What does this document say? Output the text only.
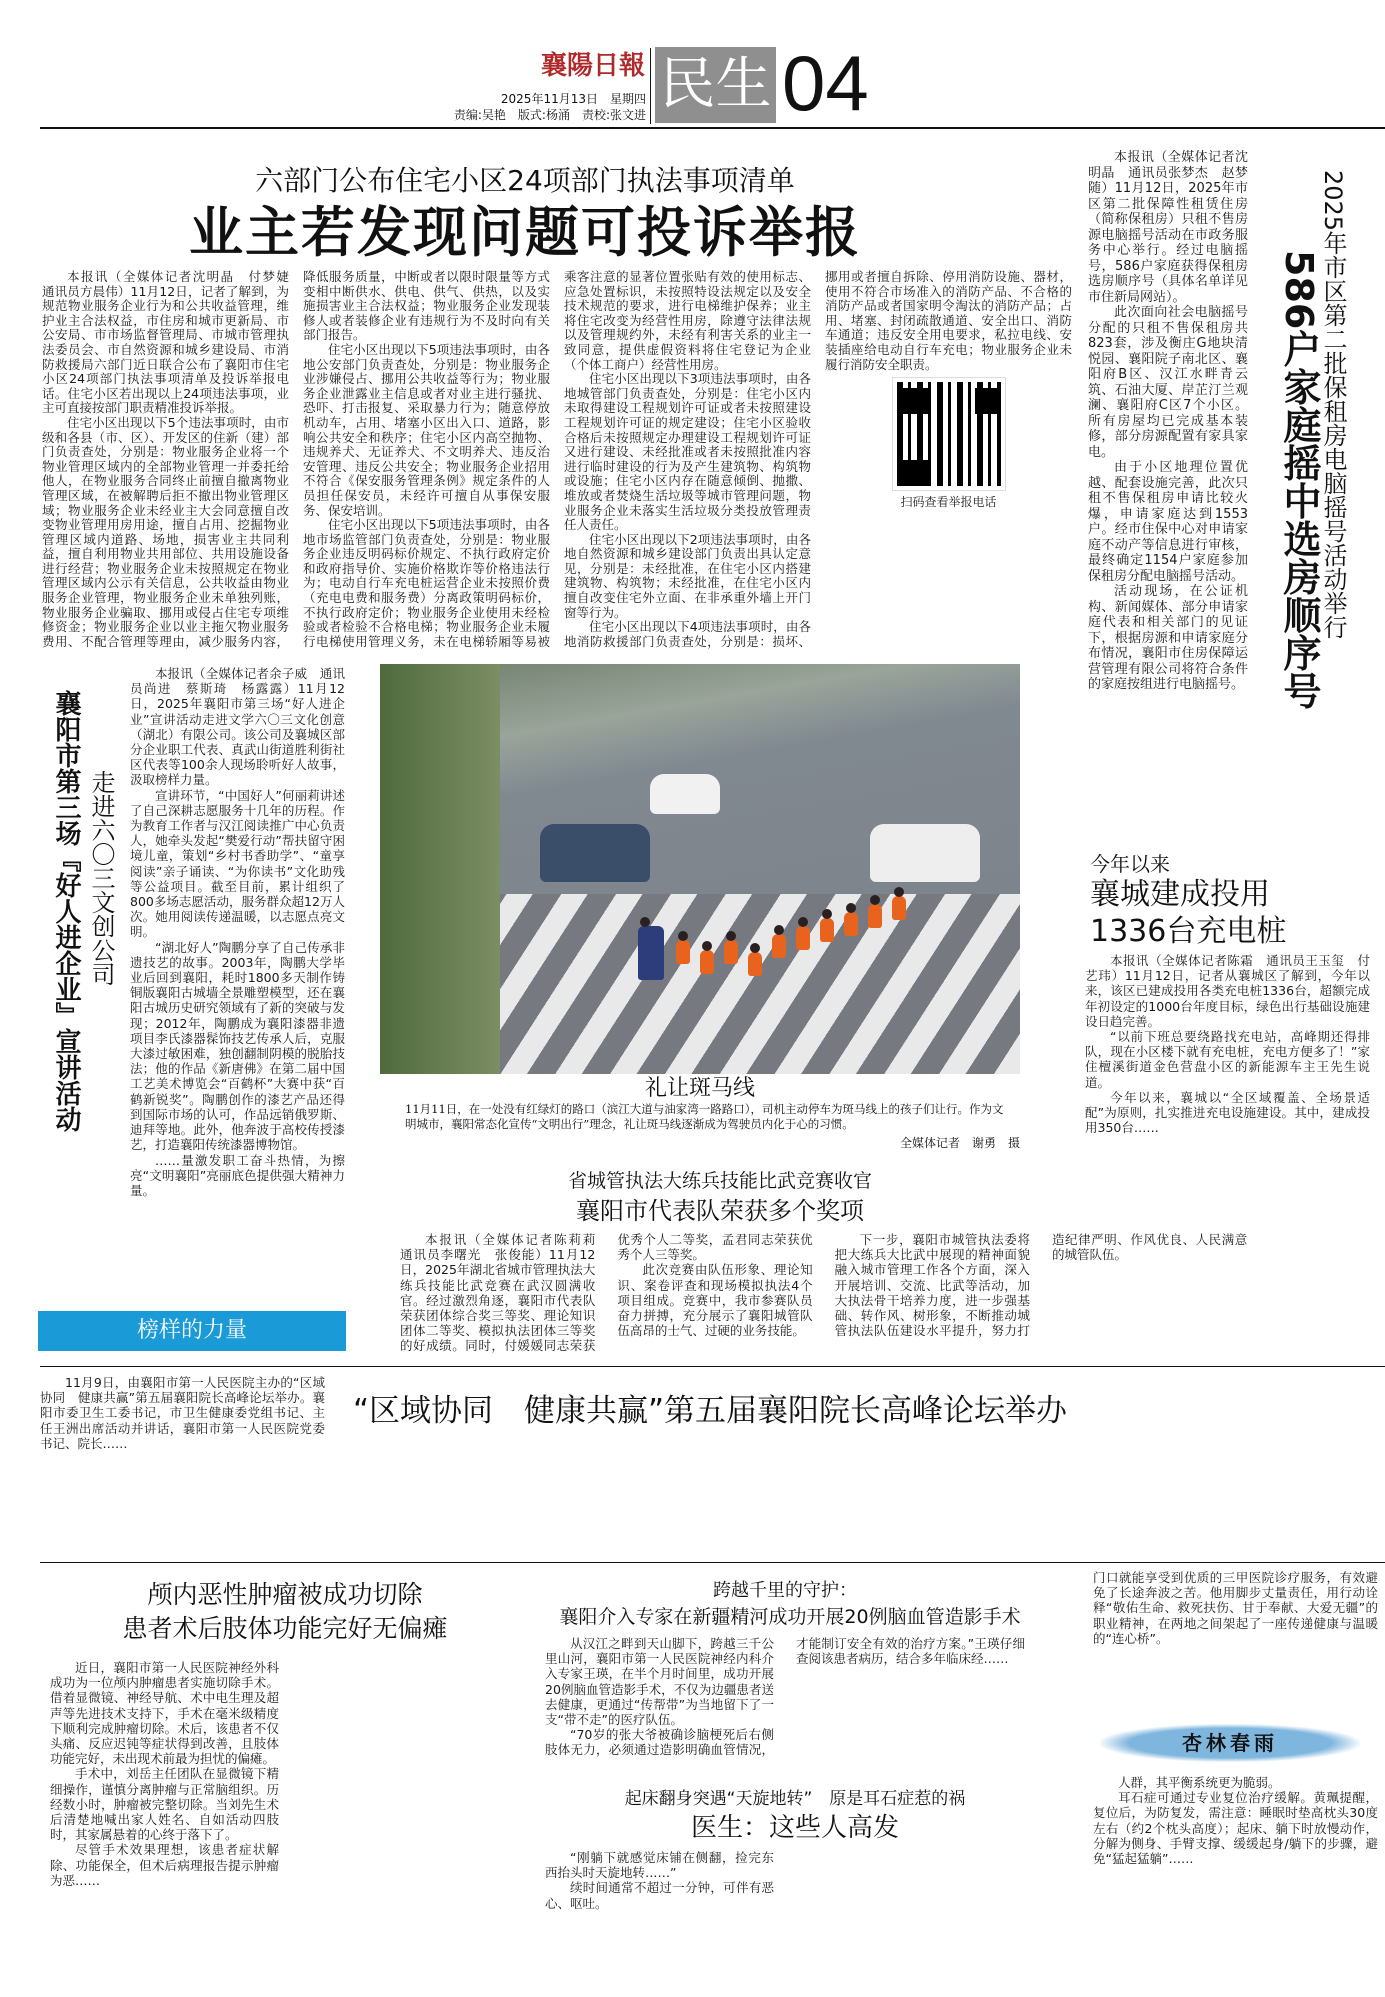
襄陽日報
2025年11月13日　星期四
责编:吴艳　版式:杨涌　责校:张文进 民生 04
六部门公布住宅小区24项部门执法事项清单
业主若发现问题可投诉举报

本报讯（全媒体记者沈明晶　付梦婕　通讯员方晨伟）11月12日，记者了解到，为规范物业服务企业行为和公共收益管理，维护业主合法权益，市住房和城市更新局、市公安局、市市场监督管理局、市城市管理执法委员会、市自然资源和城乡建设局、市消防救援局六部门近日联合公布了襄阳市住宅小区24项部门执法事项清单及投诉举报电话。住宅小区若出现以上24项违法事项，业主可直接按部门职责精准投诉举报。

住宅小区出现以下5个违法事项时，由市级和各县（市、区）、开发区的住新（建）部门负责查处，分别是：物业服务企业将一个物业管理区域内的全部物业管理一并委托给他人，在物业服务合同终止前擅自撤离物业管理区域，在被解聘后拒不撤出物业管理区域；物业服务企业未经业主大会同意擅自改变物业管理用房用途，擅自占用、挖掘物业管理区域内道路、场地，损害业主共同利益，擅自利用物业共用部位、共用设施设备进行经营；物业服务企业未按照规定在物业管理区域内公示有关信息，公共收益由物业服务企业管理，物业服务企业未单独列账，物业服务企业骗取、挪用或侵占住宅专项维修资金；物业服务企业以业主拖欠物业服务费用、不配合管理等理由，减少服务内容，降低服务质量，中断或者以限时限量等方式变相中断供水、供电、供气、供热，以及实施损害业主合法权益；物业服务企业发现装修人或者装修企业有违规行为不及时向有关部门报告。

住宅小区出现以下5项违法事项时，由各地公安部门负责查处，分别是：物业服务企业涉嫌侵占、挪用公共收益等行为；物业服务企业泄露业主信息或者对业主进行骚扰、恐吓、打击报复、采取暴力行为；随意停放机动车，占用、堵塞小区出入口、道路，影响公共安全和秩序；住宅小区内高空抛物、违规养犬、无证养犬、不文明养犬、违反治安管理、违反公共安全；物业服务企业招用不符合《保安服务管理条例》规定条件的人员担任保安员，未经许可擅自从事保安服务、保安培训。

住宅小区出现以下5项违法事项时，由各地市场监管部门负责查处，分别是：物业服务企业违反明码标价规定、不执行政府定价和政府指导价、实施价格欺诈等价格违法行为；电动自行车充电桩运营企业未按照价费（充电电费和服务费）分离政策明码标价，不执行政府定价；物业服务企业使用未经检验或者检验不合格电梯；物业服务企业未履行电梯使用管理义务，未在电梯轿厢等易被乘客注意的显著位置张贴有效的使用标志、应急处置标识，未按照特设法规定以及安全技术规范的要求，进行电梯维护保养；业主将住宅改变为经营性用房，除遵守法律法规以及管理规约外，未经有利害关系的业主一致同意，提供虚假资料将住宅登记为企业（个体工商户）经营性用房。

住宅小区出现以下3项违法事项时，由各地城管部门负责查处，分别是：住宅小区内未取得建设工程规划许可证或者未按照建设工程规划许可证的规定建设；住宅小区验收合格后未按照规定办理建设工程规划许可证又进行建设、未经批准或者未按照批准内容进行临时建设的行为及产生建筑物、构筑物或设施；住宅小区内存在随意倾倒、抛撒、堆放或者焚烧生活垃圾等城市管理问题，物业服务企业未落实生活垃圾分类投放管理责任人责任。

住宅小区出现以下2项违法事项时，由各地自然资源和城乡建设部门负责出具认定意见，分别是：未经批准，在住宅小区内搭建建筑物、构筑物；未经批准，在住宅小区内擅自改变住宅外立面、在非承重外墙上开门窗等行为。

住宅小区出现以下4项违法事项时，由各地消防救援部门负责查处，分别是：损坏、挪用或者擅自拆除、停用消防设施、器材，使用不符合市场准入的消防产品、不合格的消防产品或者国家明令淘汰的消防产品；占用、堵塞、封闭疏散通道、安全出口、消防车通道；违反安全用电要求，私拉电线、安装插座给电动自行车充电；物业服务企业未履行消防安全职责。

扫码查看举报电话	586户家庭摇中选房顺序号
2025年市区第二批保租房电脑摇号活动举行

本报讯（全媒体记者沈明晶　通讯员张梦杰　赵梦随）11月12日，2025年市区第二批保障性租赁住房（简称保租房）只租不售房源电脑摇号活动在市政务服务中心举行。经过电脑摇号，586户家庭获得保租房选房顺序号（具体名单详见市住新局网站）。

此次面向社会电脑摇号分配的只租不售保租房共823套，涉及衡庄G地块清悦园、襄阳院子南北区、襄阳府B区、汉江水畔青云筑、石油大厦、岸芷汀兰观澜、襄阳府C区7个小区。所有房屋均已完成基本装修，部分房源配置有家具家电。

由于小区地理位置优越、配套设施完善，此次只租不售保租房申请比较火爆，申请家庭达到1553户。经市住保中心对申请家庭不动产等信息进行审核，最终确定1154户家庭参加保租房分配电脑摇号活动。

活动现场，在公证机构、新闻媒体、部分申请家庭代表和相关部门的见证下，根据房源和申请家庭分布情况，襄阳市住房保障运营管理有限公司将符合条件的家庭按组进行电脑摇号。

襄阳市第三场『好人进企业』宣讲活动 走进六〇三文创公司

本报讯（全媒体记者余子威　通讯员尚进　蔡斯琦　杨露露）11月12日，2025年襄阳市第三场“好人进企业”宣讲活动走进文学六〇三文化创意（湖北）有限公司。该公司及襄城区部分企业职工代表、真武山街道胜利街社区代表等100余人现场聆听好人故事，汲取榜样力量。

宣讲环节，“中国好人”何丽莉讲述了自己深耕志愿服务十几年的历程。作为教育工作者与汉江阅读推广中心负责人，她牵头发起“樊爱行动”帮扶留守困境儿童，策划“乡村书香助学”、“童享阅读”亲子诵读、“为你读书”文化助残等公益项目。截至目前，累计组织了800多场志愿活动，服务群众超12万人次。她用阅读传递温暖，以志愿点亮文明。

“湖北好人”陶鹏分享了自己传承非遗技艺的故事。2003年，陶鹏大学毕业后回到襄阳，耗时1800多天制作铸铜版襄阳古城墙全景雕塑模型，还在襄阳古城历史研究领域有了新的突破与发现；2012年，陶鹏成为襄阳漆器非遗项目李氏漆器髹饰技艺传承人后，克服大漆过敏困难，独创翻制阴模的脱胎技法；他的作品《新唐佛》在第二届中国工艺美术博览会“百鹤杯”大赛中获“百鹤新锐奖”。陶鹏创作的漆艺产品还得到国际市场的认可，作品远销俄罗斯、迪拜等地。此外，他奔波于高校传授漆艺，打造襄阳传统漆器博物馆。

……量激发职工奋斗热情，为擦亮“文明襄阳”亮丽底色提供强大精神力量。

榜样的力量
礼让斑马线
11月11日，在一处没有红绿灯的路口（滨江大道与油家湾一路路口），司机主动停车为斑马线上的孩子们让行。作为文明城市，襄阳常态化宣传“文明出行”理念，礼让斑马线逐渐成为驾驶员内化于心的习惯。
全媒体记者　谢勇　摄
省城管执法大练兵技能比武竞赛收官
襄阳市代表队荣获多个奖项

本报讯（全媒体记者陈莉莉　通讯员李曙光　张俊能）11月12日，2025年湖北省城市管理执法大练兵技能比武竞赛在武汉圆满收官。经过激烈角逐，襄阳市代表队荣获团体综合奖三等奖、理论知识团体二等奖、模拟执法团体三等奖的好成绩。同时，付媛媛同志荣获优秀个人二等奖，孟君同志荣获优秀个人三等奖。

此次竞赛由队伍形象、理论知识、案卷评查和现场模拟执法4个项目组成。竞赛中，我市参赛队员奋力拼搏，充分展示了襄阳城管队伍高昂的士气、过硬的业务技能。

下一步，襄阳市城管执法委将把大练兵大比武中展现的精神面貌融入城市管理工作各个方面，深入开展培训、交流、比武等活动，加大执法骨干培养力度，进一步强基础、转作风、树形象，不断推动城管执法队伍建设水平提升，努力打造纪律严明、作风优良、人民满意的城管队伍。

今年以来
襄城建成投用
1336台充电桩

本报讯（全媒体记者陈霜　通讯员王玉玺　付艺玮）11月12日，记者从襄城区了解到，今年以来，该区已建成投用各类充电桩1336台，超额完成年初设定的1000台年度目标，绿色出行基础设施建设日趋完善。

“以前下班总要绕路找充电站，高峰期还得排队，现在小区楼下就有充电桩，充电方便多了！”家住檀溪街道金色营盘小区的新能源车主王先生说道。

今年以来，襄城以“全区域覆盖、全场景适配”为原则，扎实推进充电设施建设。其中，建成投用350台……

11月9日，由襄阳市第一人民医院主办的“区域协同　健康共赢”第五届襄阳院长高峰论坛举办。襄阳市委卫生工委书记，市卫生健康委党组书记、主任王洲出席活动并讲话，襄阳市第一人民医院党委书记、院长……

“区域协同　健康共赢”第五届襄阳院长高峰论坛举办
颅内恶性肿瘤被成功切除
患者术后肢体功能完好无偏瘫

近日，襄阳市第一人民医院神经外科成功为一位颅内肿瘤患者实施切除手术。借着显微镜、神经导航、术中电生理及超声等先进技术支持下，手术在毫米级精度下顺利完成肿瘤切除。术后，该患者不仅头痛、反应迟钝等症状得到改善，且肢体功能完好，未出现术前最为担忧的偏瘫。

手术中，刘岳主任团队在显微镜下精细操作，谨慎分离肿瘤与正常脑组织。历经数小时，肿瘤被完整切除。当刘先生术后清楚地喊出家人姓名、自如活动四肢时，其家属悬着的心终于落下了。

尽管手术效果理想，该患者症状解除、功能保全，但术后病理报告提示肿瘤为恶……

跨越千里的守护：
襄阳介入专家在新疆精河成功开展20例脑血管造影手术

从汉江之畔到天山脚下，跨越三千公里山河，襄阳市第一人民医院神经内科介入专家王瑛，在半个月时间里，成功开展20例脑血管造影手术，不仅为边疆患者送去健康，更通过“传帮带”为当地留下了一支“带不走”的医疗队伍。

“70岁的张大爷被确诊脑梗死后右侧肢体无力，必须通过造影明确血管情况，才能制订安全有效的治疗方案。”王瑛仔细查阅该患者病历，结合多年临床经……

门口就能享受到优质的三甲医院诊疗服务，有效避免了长途奔波之苦。他用脚步丈量责任，用行动诠释“敬佑生命、救死扶伤、甘于奉献、大爱无疆”的职业精神，在两地之间架起了一座传递健康与温暖的“连心桥”。

起床翻身突遇“天旋地转”　原是耳石症惹的祸
医生：这些人高发

“刚躺下就感觉床铺在侧翻，捡完东西抬头时天旋地转……”

续时间通常不超过一分钟，可伴有恶心、呕吐。

杏林春雨

人群，其平衡系统更为脆弱。

耳石症可通过专业复位治疗缓解。黄珮提醒，复位后，为防复发，需注意：睡眠时垫高枕头30度左右（约2个枕头高度）；起床、躺下时放慢动作，分解为侧身、手臂支撑、缓缓起身/躺下的步骤，避免“猛起猛躺”……
